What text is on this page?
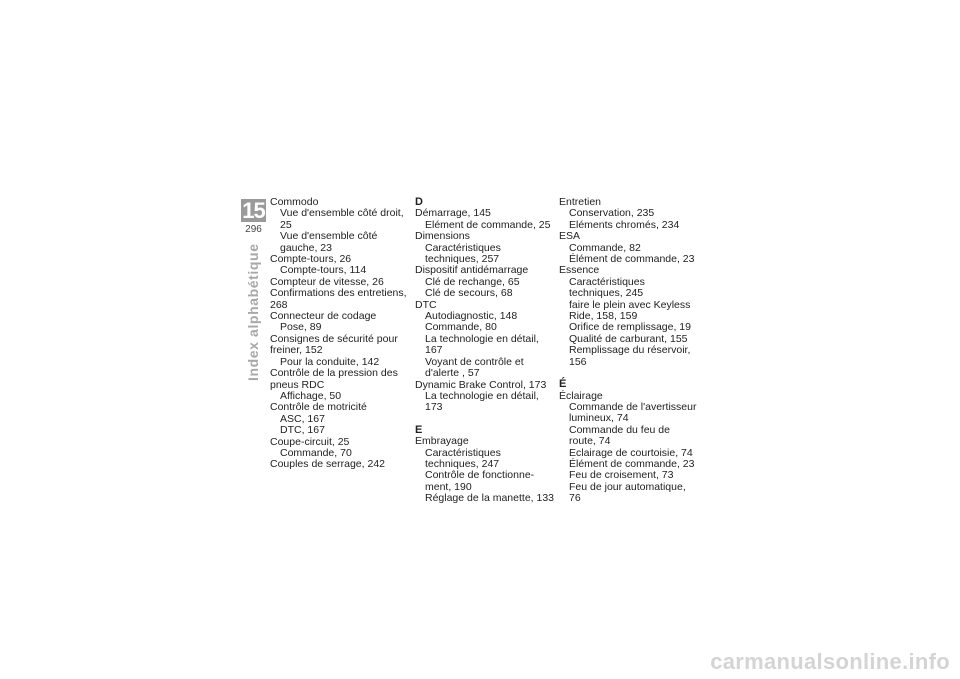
15
296
Index alphabétique
Commodo
Vue d'ensemble côté droit, 25
Vue d'ensemble côté gauche, 23
Compte-tours, 26
Compte-tours, 114
Compteur de vitesse, 26
Confirmations des entretiens, 268
Connecteur de codage
Pose, 89
Consignes de sécurité pour freiner, 152
Pour la conduite, 142
Contrôle de la pression des pneus RDC
Affichage, 50
Contrôle de motricité
ASC, 167
DTC, 167
Coupe-circuit, 25
Commande, 70
Couples de serrage, 242
D
Démarrage, 145
Elément de commande, 25
Dimensions
Caractéristiques techniques, 257
Dispositif antidémarrage
Clé de rechange, 65
Clé de secours, 68
DTC
Autodiagnostic, 148
Commande, 80
La technologie en détail, 167
Voyant de contrôle et d'alerte , 57
Dynamic Brake Control, 173
La technologie en détail, 173
E
Embrayage
Caractéristiques techniques, 247
Contrôle de fonctionne-ment, 190
Réglage de la manette, 133
Entretien
Conservation, 235
Eléments chromés, 234
ESA
Commande, 82
Élément de commande, 23
Essence
Caractéristiques techniques, 245
faire le plein avec Keyless Ride, 158, 159
Orifice de remplissage, 19
Qualité de carburant, 155
Remplissage du réservoir, 156
É
Éclairage
Commande de l'avertisseur lumineux, 74
Commande du feu de route, 74
Eclairage de courtoisie, 74
Élément de commande, 23
Feu de croisement, 73
Feu de jour automatique, 76
carmanualsonline.info
